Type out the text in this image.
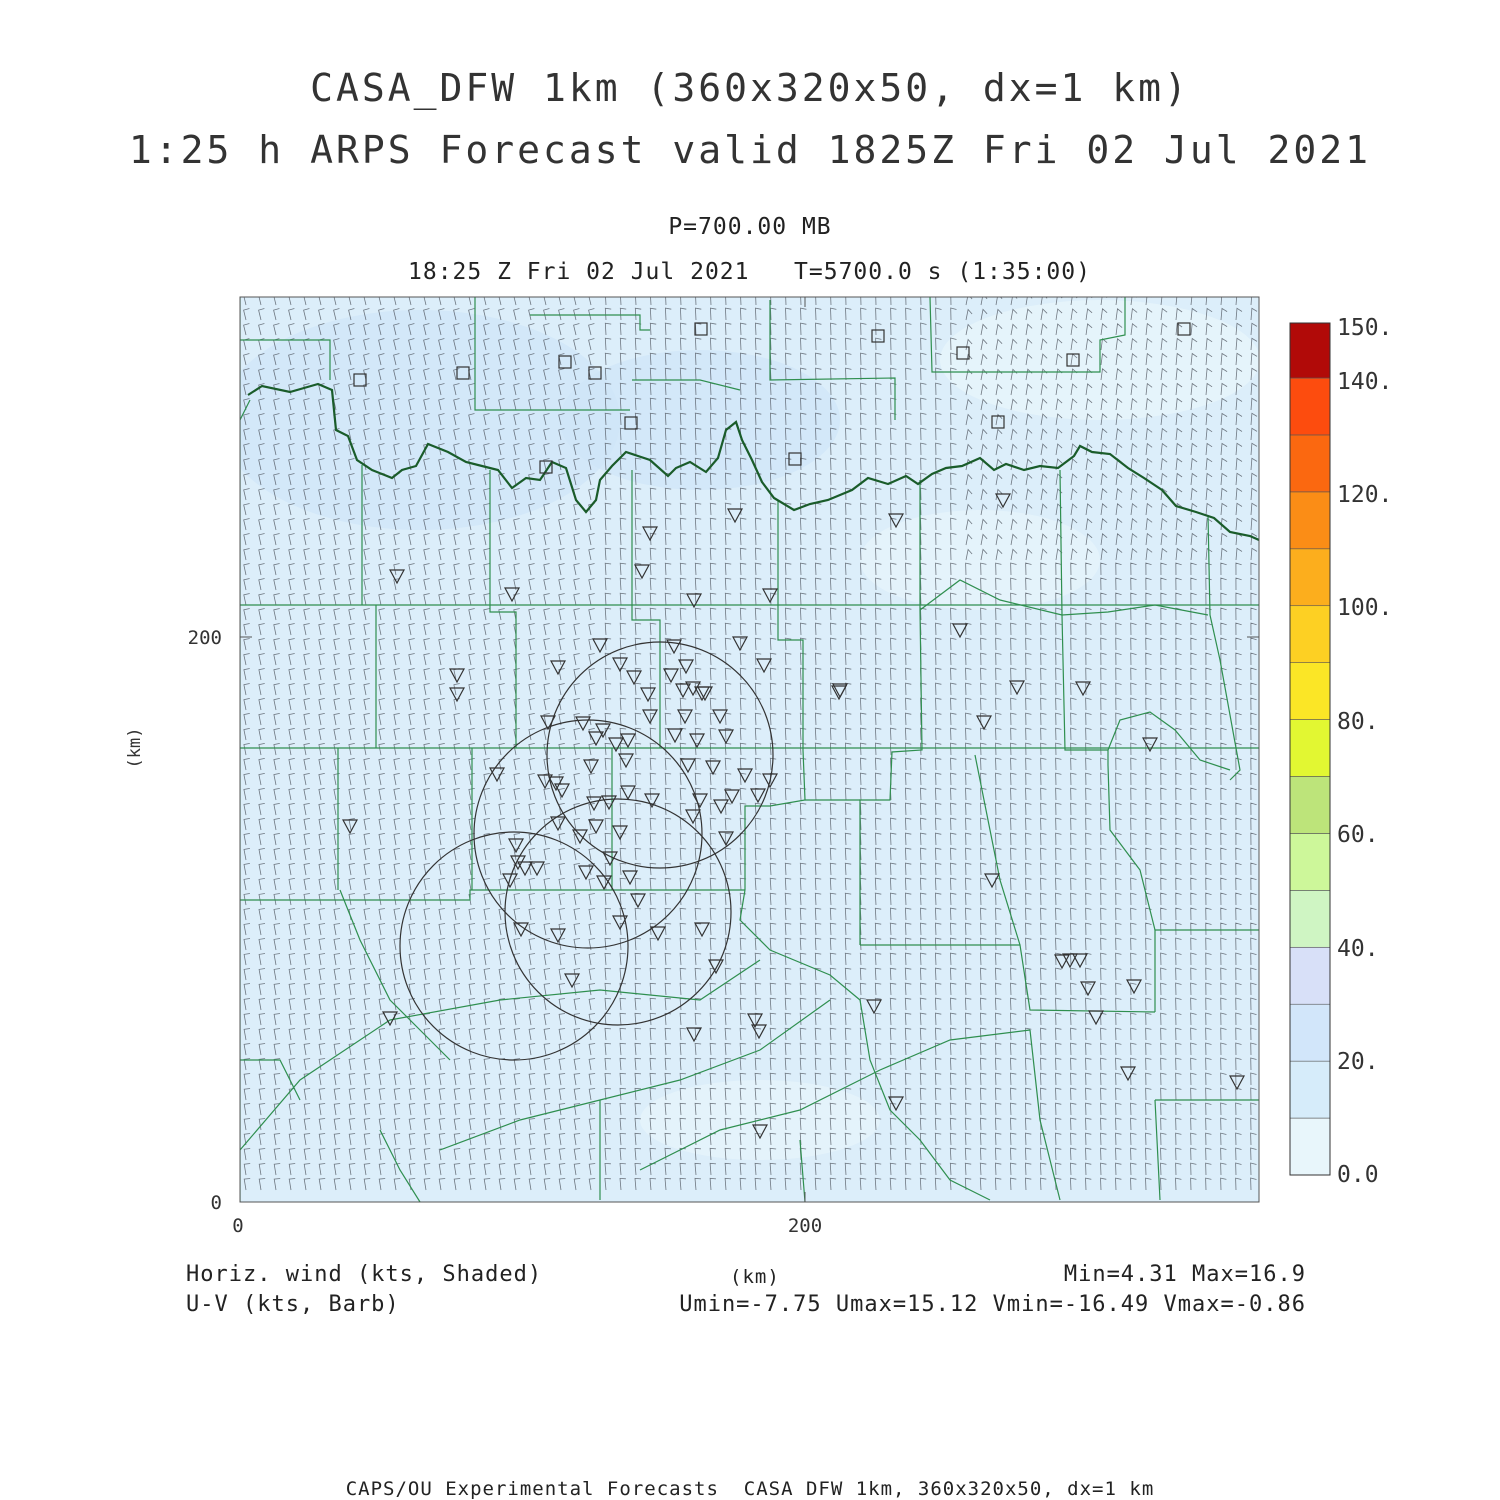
CASA_DFW 1km (360x320x50, dx=1 km)
1:25 h ARPS Forecast valid 1825Z Fri 02 Jul 2021
P=700.00 MB
18:25 Z Fri 02 Jul 2021   T=5700.0 s (1:35:00)
0	200
0
200
(km)
0.0
20.
40.
60.
80.
100.
120.
140.
150.
Horiz. wind (kts, Shaded)
U-V (kts, Barb)
(km)	Min=4.31 Max=16.9
Umin=-7.75 Umax=15.12 Vmin=-16.49 Vmax=-0.86
CAPS/OU Experimental Forecasts  CASA DFW 1km, 360x320x50, dx=1 km
